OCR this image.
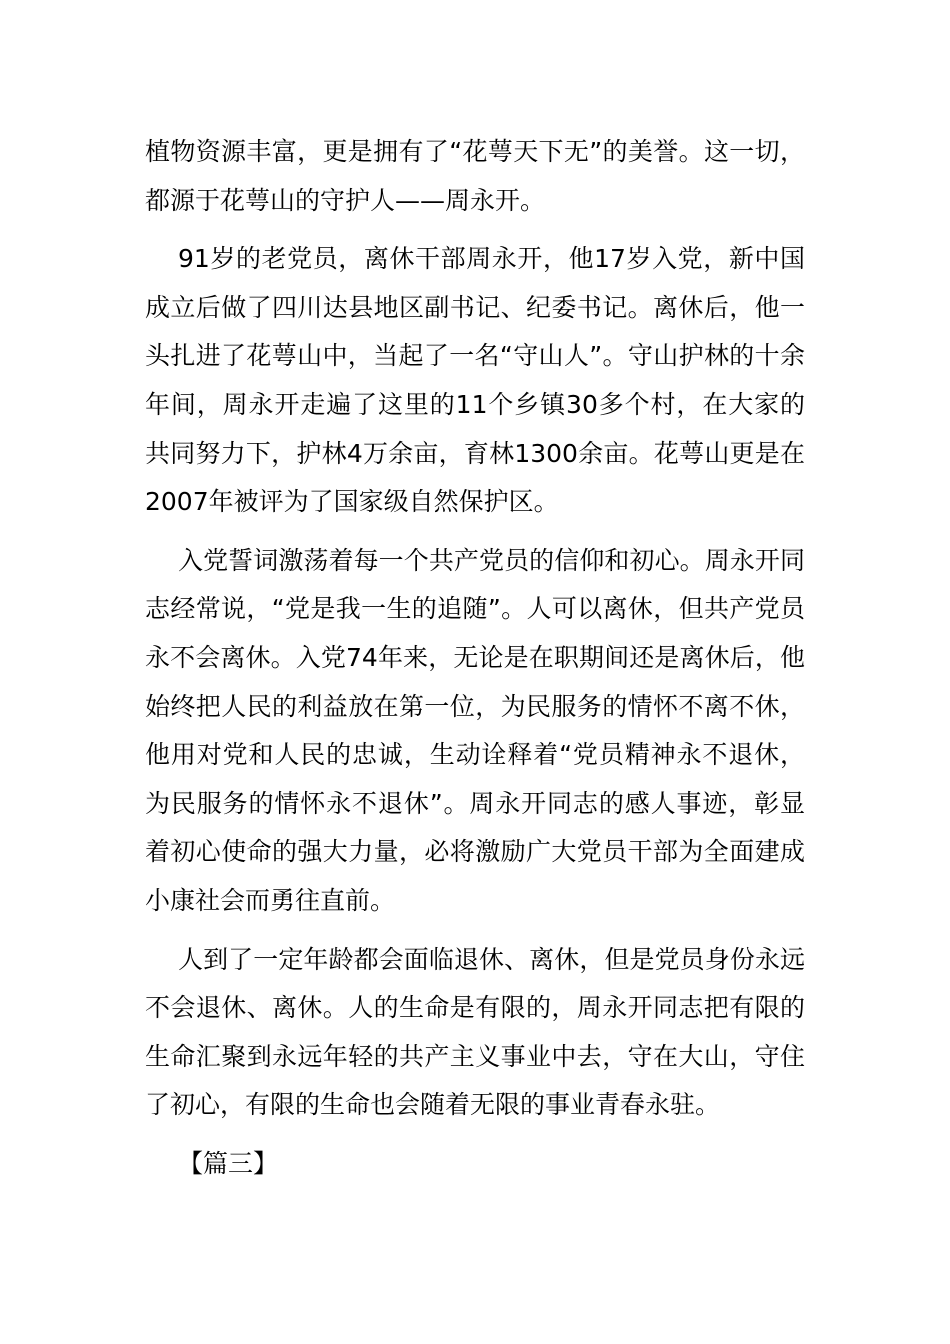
植物资源丰富，更是拥有了“花萼天下无”的美誉。这一切，都源于花萼山的守护人——周永开。

91岁的老党员，离休干部周永开，他17岁入党，新中国成立后做了四川达县地区副书记、纪委书记。离休后，他一头扎进了花萼山中，当起了一名“守山人”。守山护林的十余年间，周永开走遍了这里的11个乡镇30多个村，在大家的共同努力下，护林4万余亩，育林1300余亩。花萼山更是在2007年被评为了国家级自然保护区。

入党誓词激荡着每一个共产党员的信仰和初心。周永开同志经常说，“党是我一生的追随”。人可以离休，但共产党员永不会离休。入党74年来，无论是在职期间还是离休后，他始终把人民的利益放在第一位，为民服务的情怀不离不休，他用对党和人民的忠诚，生动诠释着“党员精神永不退休，为民服务的情怀永不退休”。周永开同志的感人事迹，彰显着初心使命的强大力量，必将激励广大党员干部为全面建成小康社会而勇往直前。

人到了一定年龄都会面临退休、离休，但是党员身份永远不会退休、离休。人的生命是有限的，周永开同志把有限的生命汇聚到永远年轻的共产主义事业中去，守在大山，守住了初心，有限的生命也会随着无限的事业青春永驻。

【篇三】
